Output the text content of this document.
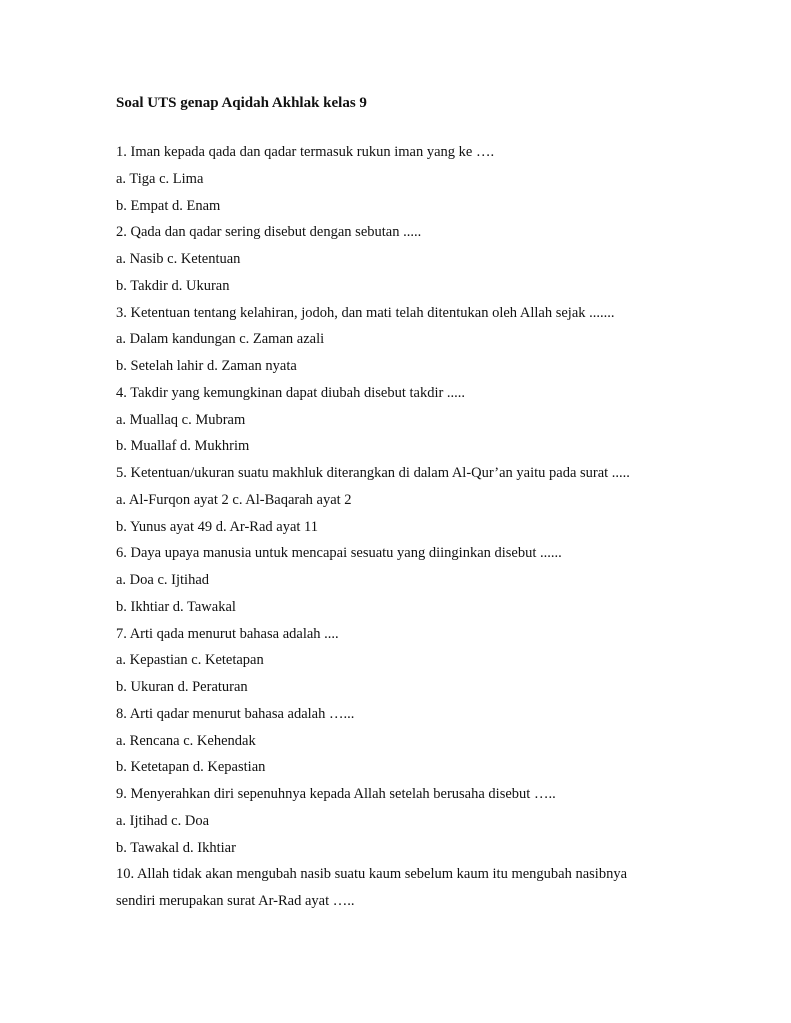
Soal UTS genap Aqidah Akhlak kelas 9
1. Iman kepada qada dan qadar termasuk rukun iman yang ke ….
a. Tiga c. Lima
b. Empat d. Enam
2. Qada dan qadar sering disebut dengan sebutan .....
a. Nasib c. Ketentuan
b. Takdir d. Ukuran
3. Ketentuan tentang kelahiran, jodoh, dan mati telah ditentukan oleh Allah sejak .......
a. Dalam kandungan c. Zaman azali
b. Setelah lahir d. Zaman nyata
4. Takdir yang kemungkinan dapat diubah disebut takdir .....
a. Muallaq c. Mubram
b. Muallaf d. Mukhrim
5. Ketentuan/ukuran suatu makhluk diterangkan di dalam Al-Qur’an yaitu pada surat .....
a. Al-Furqon ayat 2 c. Al-Baqarah ayat 2
b. Yunus ayat 49 d. Ar-Rad ayat 11
6. Daya upaya manusia untuk mencapai sesuatu yang diinginkan disebut ......
a. Doa c. Ijtihad
b. Ikhtiar d. Tawakal
7. Arti qada menurut bahasa adalah ....
a. Kepastian c. Ketetapan
b. Ukuran d. Peraturan
8. Arti qadar menurut bahasa adalah …...
a. Rencana c. Kehendak
b. Ketetapan d. Kepastian
9. Menyerahkan diri sepenuhnya kepada Allah setelah berusaha disebut …..
a. Ijtihad c. Doa
b. Tawakal d. Ikhtiar
10. Allah tidak akan mengubah nasib suatu kaum sebelum kaum itu mengubah nasibnya
sendiri merupakan surat Ar-Rad ayat …..
